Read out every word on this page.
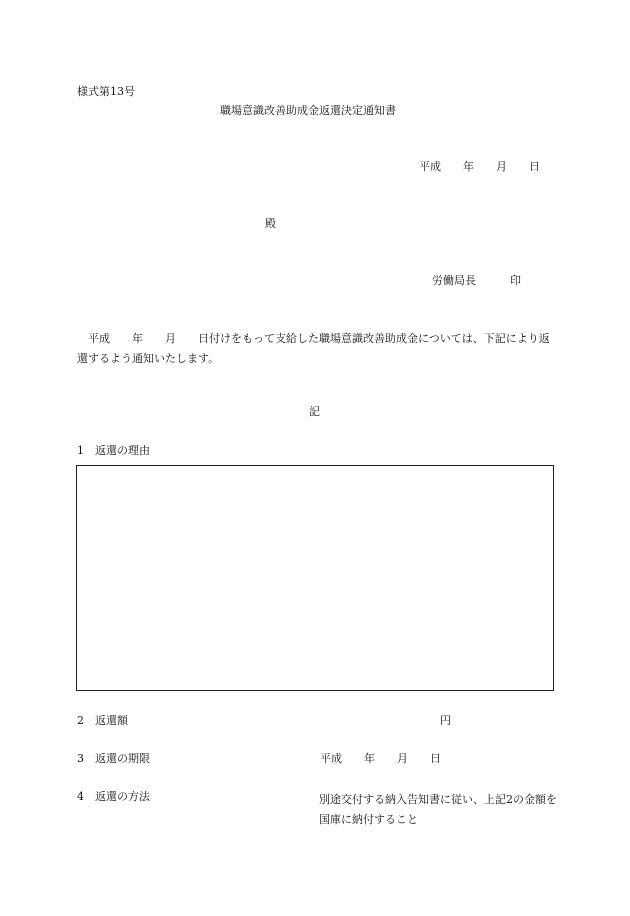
様式第13号
職場意識改善助成金返還決定通知書
平成 年 月 日
殿
労働局長	印
平成 年 月 日付けをもって支給した職場意識改善助成金については、下記により返還するよう通知いたします。
記
1 返還の理由
2 返還額	円
3 返還の期限	平成 年 月 日
4 返還の方法	別途交付する納入告知書に従い、上記2の金額を国庫に納付すること
